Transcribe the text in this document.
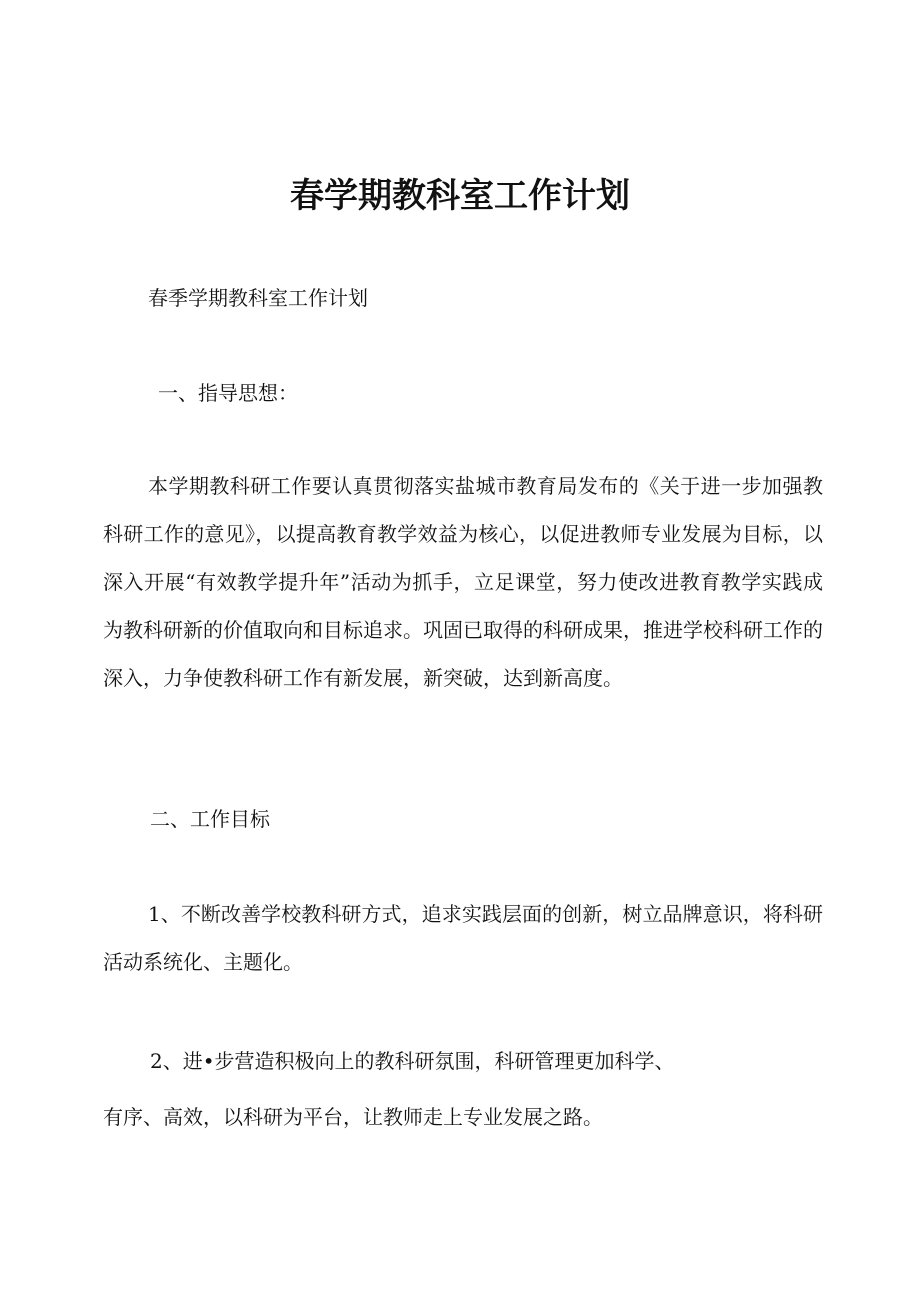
春学期教科室工作计划

春季学期教科室工作计划

一、指导思想：

本学期教科研工作要认真贯彻落实盐城市教育局发布的《关于进一步加强教科研工作的意见》，以提高教育教学效益为核心，以促进教师专业发展为目标，以深入开展“有效教学提升年”活动为抓手，立足课堂，努力使改进教育教学实践成为教科研新的价值取向和目标追求。巩固已取得的科研成果，推进学校科研工作的深入，力争使教科研工作有新发展，新突破，达到新高度。

二、工作目标

1、不断改善学校教科研方式，追求实践层面的创新，树立品牌意识，将科研活动系统化、主题化。

2、进•步营造积极向上的教科研氛围，科研管理更加科学、

有序、高效，以科研为平台，让教师走上专业发展之路。
